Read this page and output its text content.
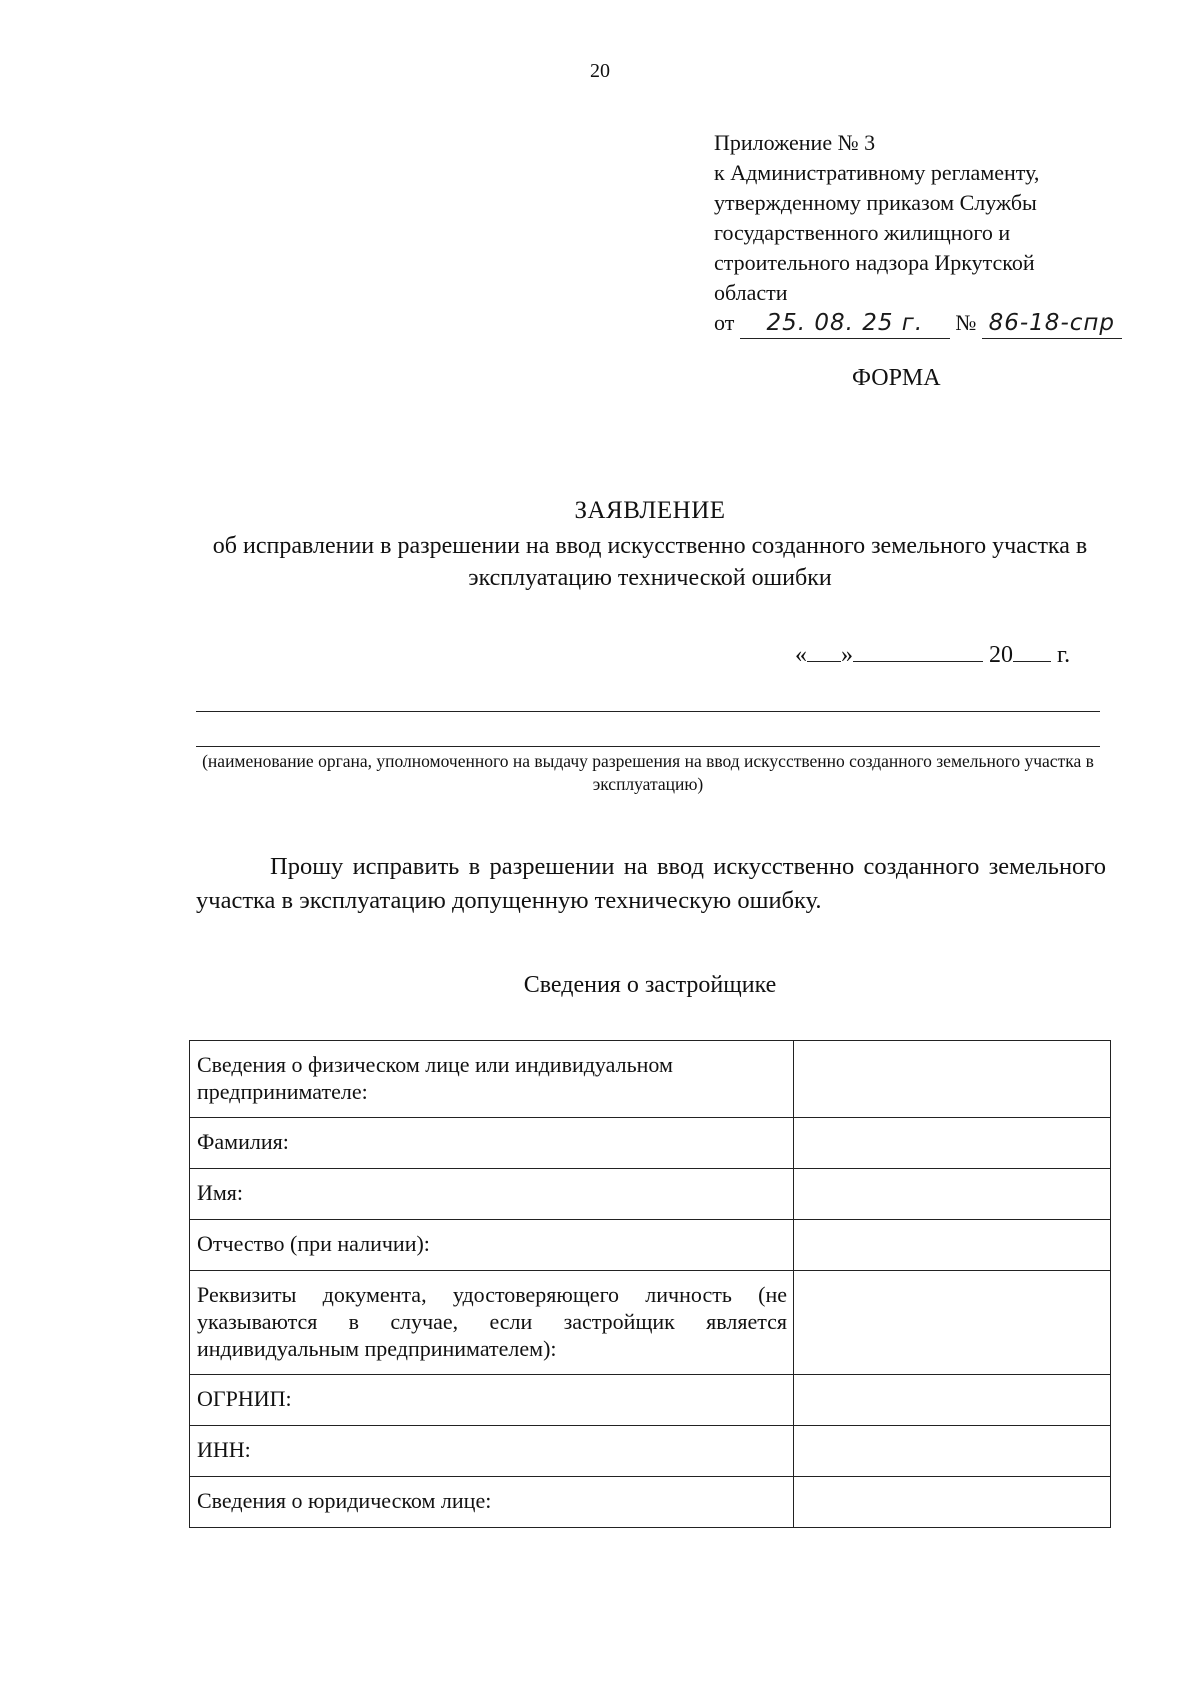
20
Приложение № 3
к Административному регламенту,
утвержденному приказом Службы
государственного жилищного и
строительного надзора Иркутской
области
от 25. 08. 25 г. № 86-18-спр
ФОРМА
ЗАЯВЛЕНИЕ
об исправлении в разрешении на ввод искусственно созданного земельного участка в эксплуатацию технической ошибки
« »	20 г.
(наименование органа, уполномоченного на выдачу разрешения на ввод искусственно созданного земельного участка в эксплуатацию)
Прошу исправить в разрешении на ввод искусственно созданного земельного участка в эксплуатацию допущенную техническую ошибку.
Сведения о застройщике
Сведения о физическом лице или индивидуальном предпринимателе:	
Фамилия:	
Имя:	
Отчество (при наличии):	
Реквизиты документа, удостоверяющего личность (не указываются в случае, если застройщик является индивидуальным предпринимателем):	
ОГРНИП:	
ИНН:	
Сведения о юридическом лице:	
